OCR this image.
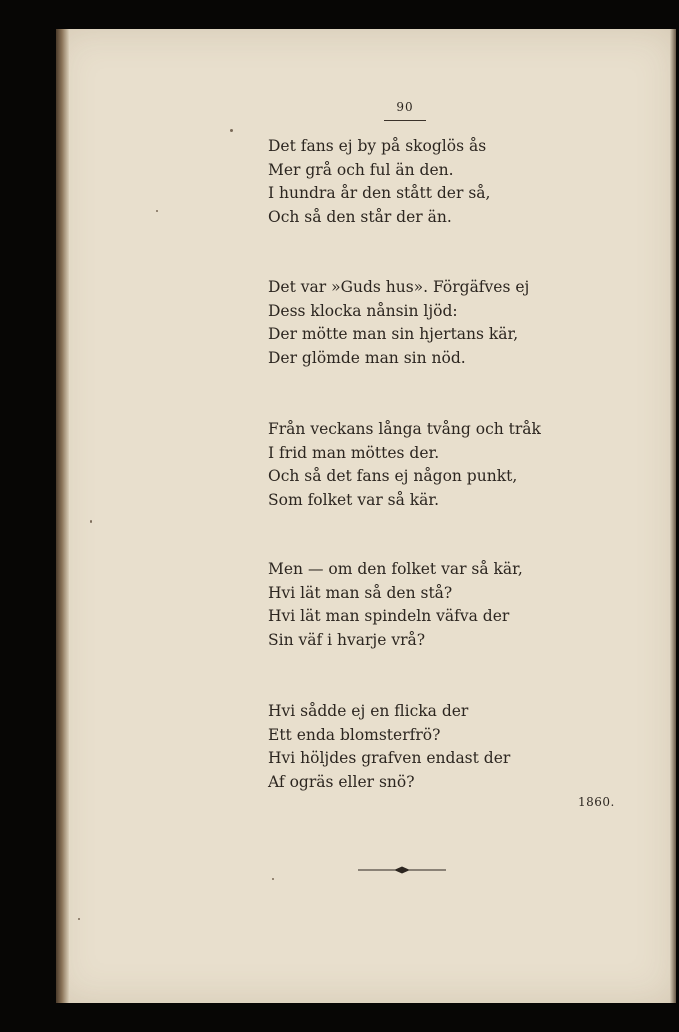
90
Det fans ej by på skoglös ås
Mer grå och ful än den.
I hundra år den stått der så,
Och så den står der än.
Det var »Guds hus». Förgäfves ej
Dess klocka nånsin ljöd:
Der mötte man sin hjertans kär,
Der glömde man sin nöd.
Från veckans långa tvång och tråk
I frid man möttes der.
Och så det fans ej någon punkt,
Som folket var så kär.
Men — om den folket var så kär,
Hvi lät man så den stå?
Hvi lät man spindeln väfva der
Sin väf i hvarje vrå?
Hvi sådde ej en flicka der
Ett enda blomsterfrö?
Hvi höljdes grafven endast der
Af ogräs eller snö?
1860.
